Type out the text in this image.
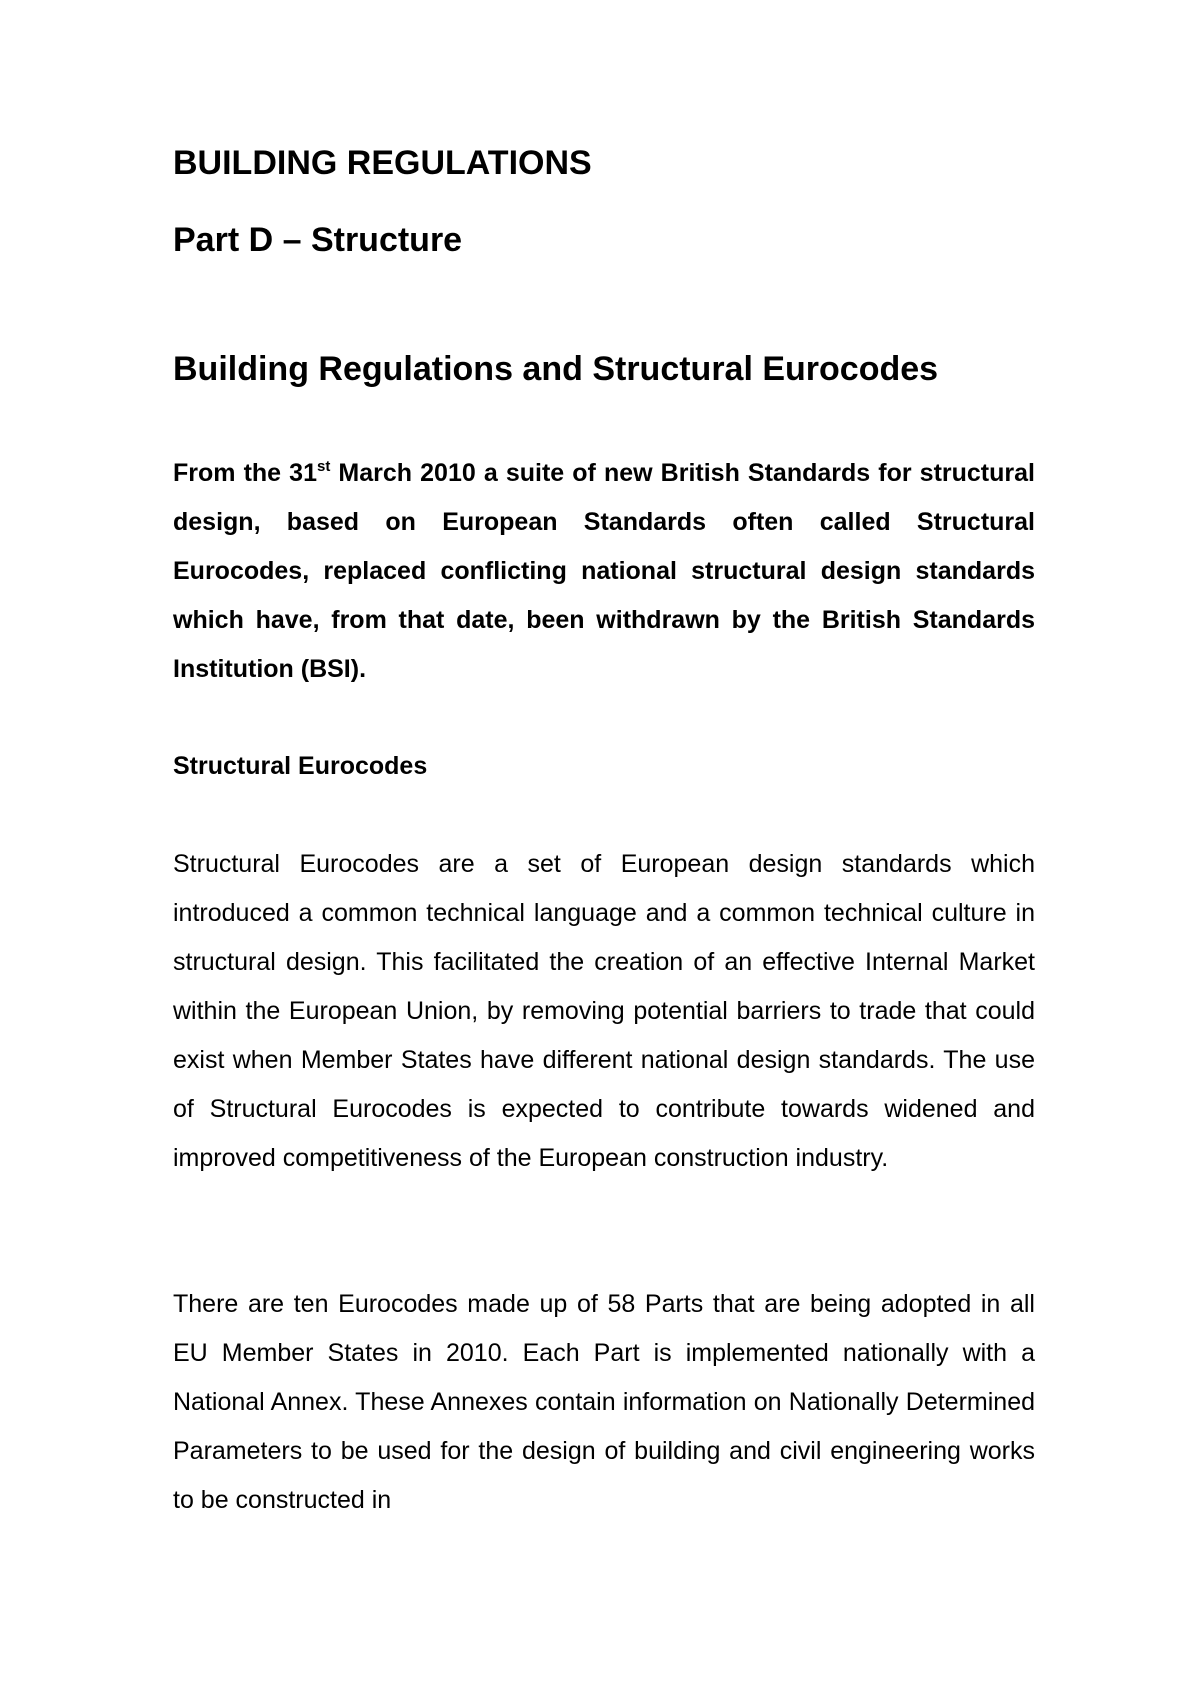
BUILDING REGULATIONS
Part D – Structure
Building Regulations and Structural Eurocodes

From the 31st March 2010 a suite of new British Standards for structural design, based on European Standards often called Structural Eurocodes, replaced conflicting national structural design standards which have, from that date, been withdrawn by the British Standards Institution (BSI).

Structural Eurocodes

Structural Eurocodes are a set of European design standards which introduced a common technical language and a common technical culture in structural design. This facilitated the creation of an effective Internal Market within the European Union, by removing potential barriers to trade that could exist when Member States have different national design standards. The use of Structural Eurocodes is expected to contribute towards widened and improved competitiveness of the European construction industry.

There are ten Eurocodes made up of 58 Parts that are being adopted in all EU Member States in 2010. Each Part is implemented nationally with a National Annex. These Annexes contain information on Nationally Determined Parameters to be used for the design of building and civil engineering works to be constructed in
